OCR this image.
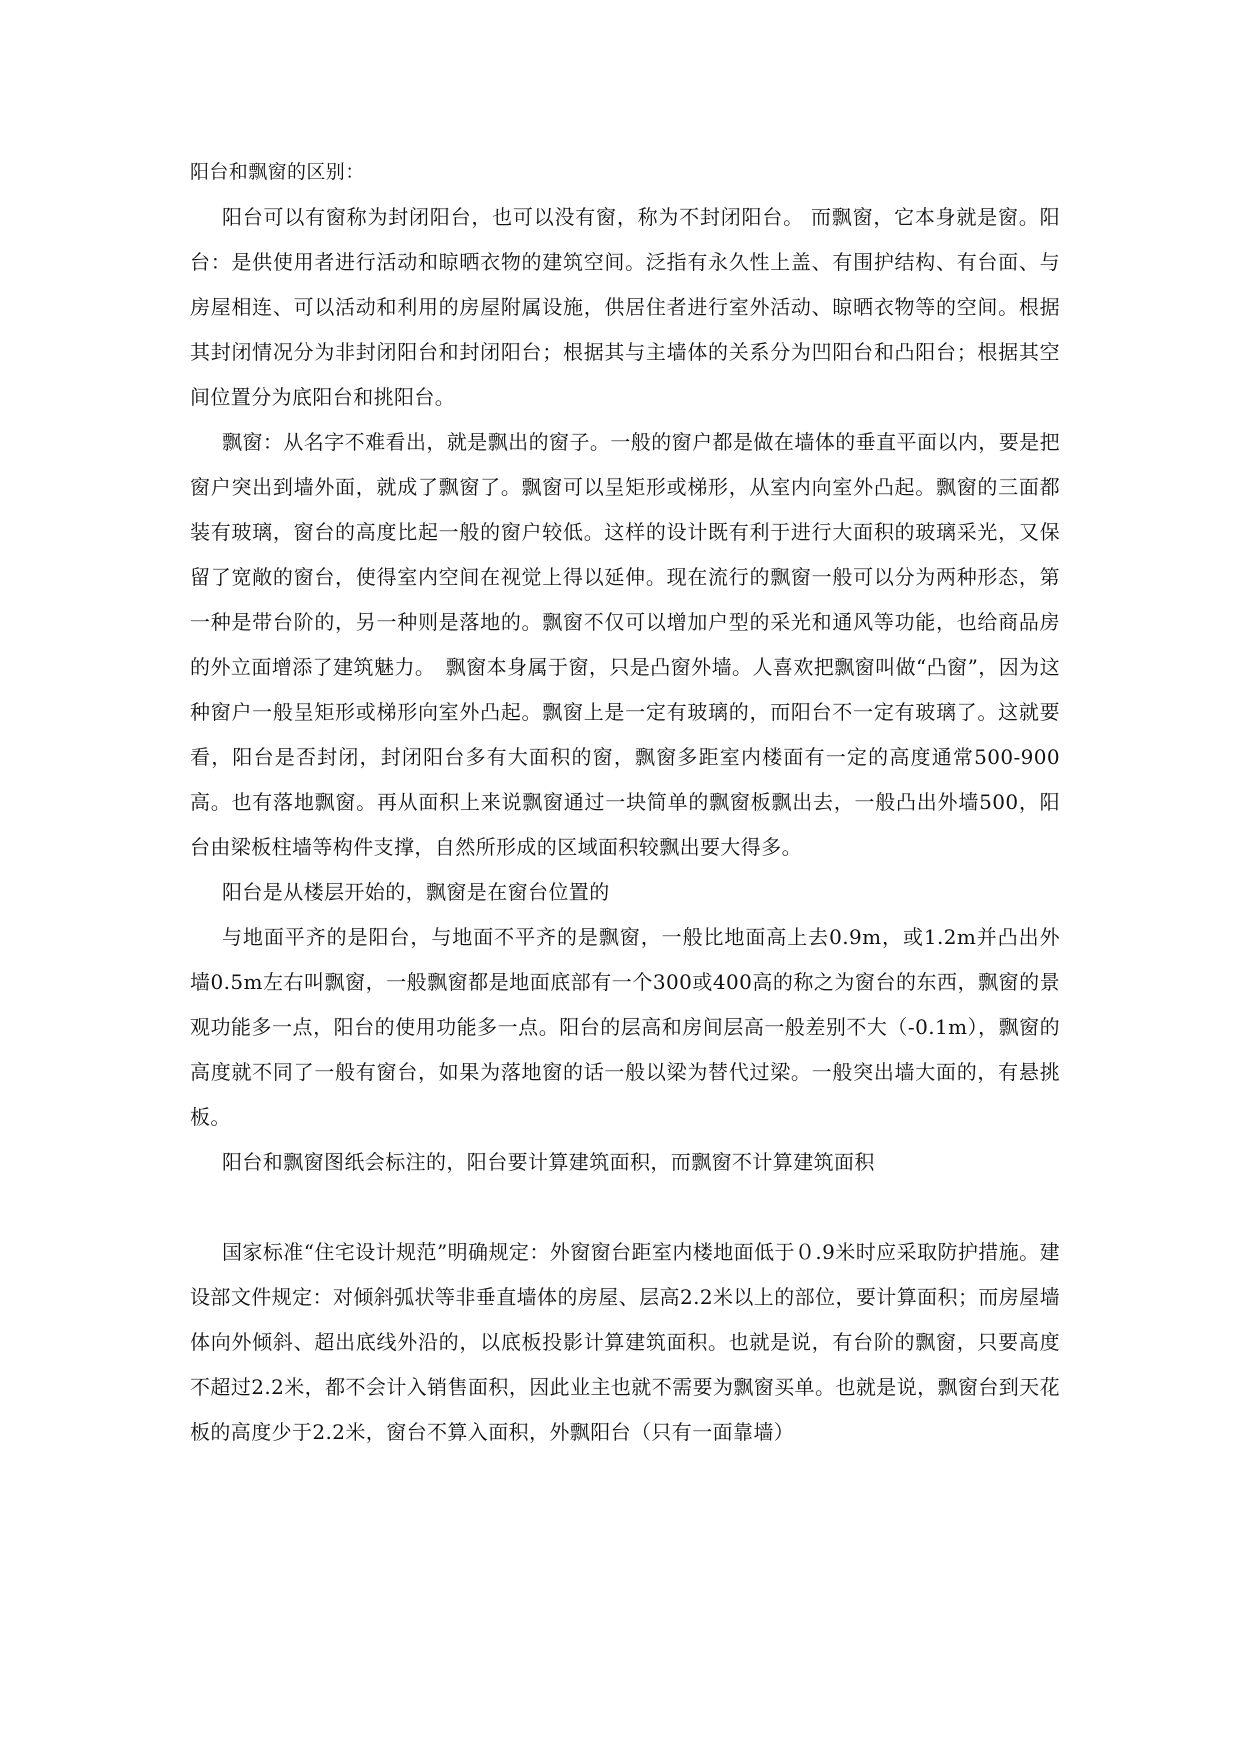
阳台和飘窗的区别：

阳台可以有窗称为封闭阳台，也可以没有窗，称为不封闭阳台。 而飘窗，它本身就是窗。阳台：是供使用者进行活动和晾晒衣物的建筑空间。泛指有永久性上盖、有围护结构、有台面、与房屋相连、可以活动和利用的房屋附属设施，供居住者进行室外活动、晾晒衣物等的空间。根据其封闭情况分为非封闭阳台和封闭阳台；根据其与主墙体的关系分为凹阳台和凸阳台；根据其空间位置分为底阳台和挑阳台。

飘窗：从名字不难看出，就是飘出的窗子。一般的窗户都是做在墙体的垂直平面以内，要是把窗户突出到墙外面，就成了飘窗了。飘窗可以呈矩形或梯形，从室内向室外凸起。飘窗的三面都装有玻璃，窗台的高度比起一般的窗户较低。这样的设计既有利于进行大面积的玻璃采光，又保留了宽敞的窗台，使得室内空间在视觉上得以延伸。现在流行的飘窗一般可以分为两种形态，第一种是带台阶的，另一种则是落地的。飘窗不仅可以增加户型的采光和通风等功能，也给商品房的外立面增添了建筑魅力。　飘窗本身属于窗，只是凸窗外墙。人喜欢把飘窗叫做“凸窗”，因为这种窗户一般呈矩形或梯形向室外凸起。飘窗上是一定有玻璃的，而阳台不一定有玻璃了。这就要看，阳台是否封闭，封闭阳台多有大面积的窗，飘窗多距室内楼面有一定的高度通常500-900高。也有落地飘窗。再从面积上来说飘窗通过一块简单的飘窗板飘出去，一般凸出外墙500，阳台由梁板柱墙等构件支撑，自然所形成的区域面积较飘出要大得多。

阳台是从楼层开始的，飘窗是在窗台位置的

与地面平齐的是阳台，与地面不平齐的是飘窗，一般比地面高上去0.9m，或1.2m并凸出外墙0.5m左右叫飘窗，一般飘窗都是地面底部有一个300或400高的称之为窗台的东西，飘窗的景观功能多一点，阳台的使用功能多一点。阳台的层高和房间层高一般差别不大（-0.1m），飘窗的高度就不同了一般有窗台，如果为落地窗的话一般以梁为替代过梁。一般突出墙大面的，有悬挑板。

阳台和飘窗图纸会标注的，阳台要计算建筑面积，而飘窗不计算建筑面积

国家标准“住宅设计规范”明确规定：外窗窗台距室内楼地面低于０.9米时应采取防护措施。建设部文件规定：对倾斜弧状等非垂直墙体的房屋、层高2.2米以上的部位，要计算面积；而房屋墙体向外倾斜、超出底线外沿的，以底板投影计算建筑面积。也就是说，有台阶的飘窗，只要高度不超过2.2米，都不会计入销售面积，因此业主也就不需要为飘窗买单。也就是说，飘窗台到天花板的高度少于2.2米，窗台不算入面积，外飘阳台（只有一面靠墙）
